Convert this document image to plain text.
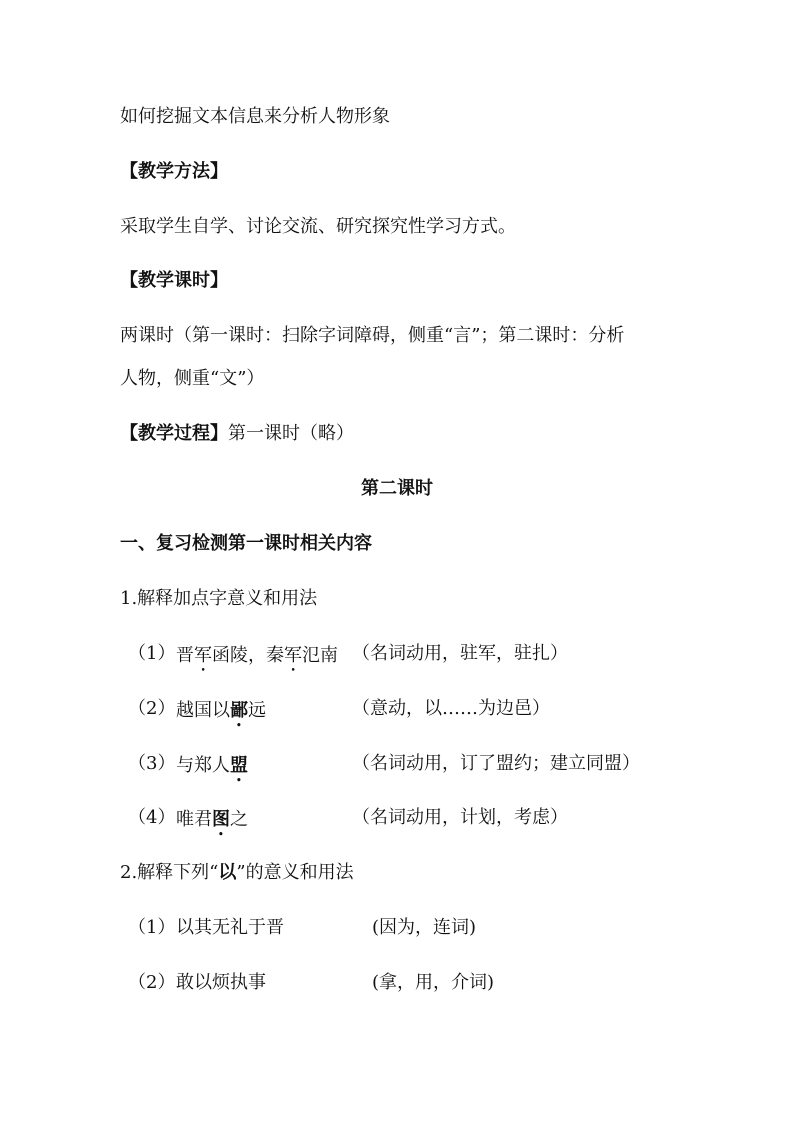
如何挖掘文本信息来分析人物形象
【教学方法】
采取学生自学、讨论交流、研究探究性学习方式。
【教学课时】
两课时（第一课时：扫除字词障碍，侧重“言”；第二课时：分析
人物，侧重“文”）
【教学过程】第一课时（略）
第二课时
一、复习检测第一课时相关内容
1.解释加点字意义和用法
（1） 晋军函陵，秦军氾南 （名词动用，驻军，驻扎）
（2） 越国以鄙远	（意动，以……为边邑）
（3） 与郑人盟	（名词动用，订了盟约；建立同盟）
（4） 唯君图之	（名词动用，计划，考虑）
2.解释下列“以”的意义和用法
（1） 以其无礼于晋	(因为，连词)
（2） 敢以烦执事	(拿，用，介词)
